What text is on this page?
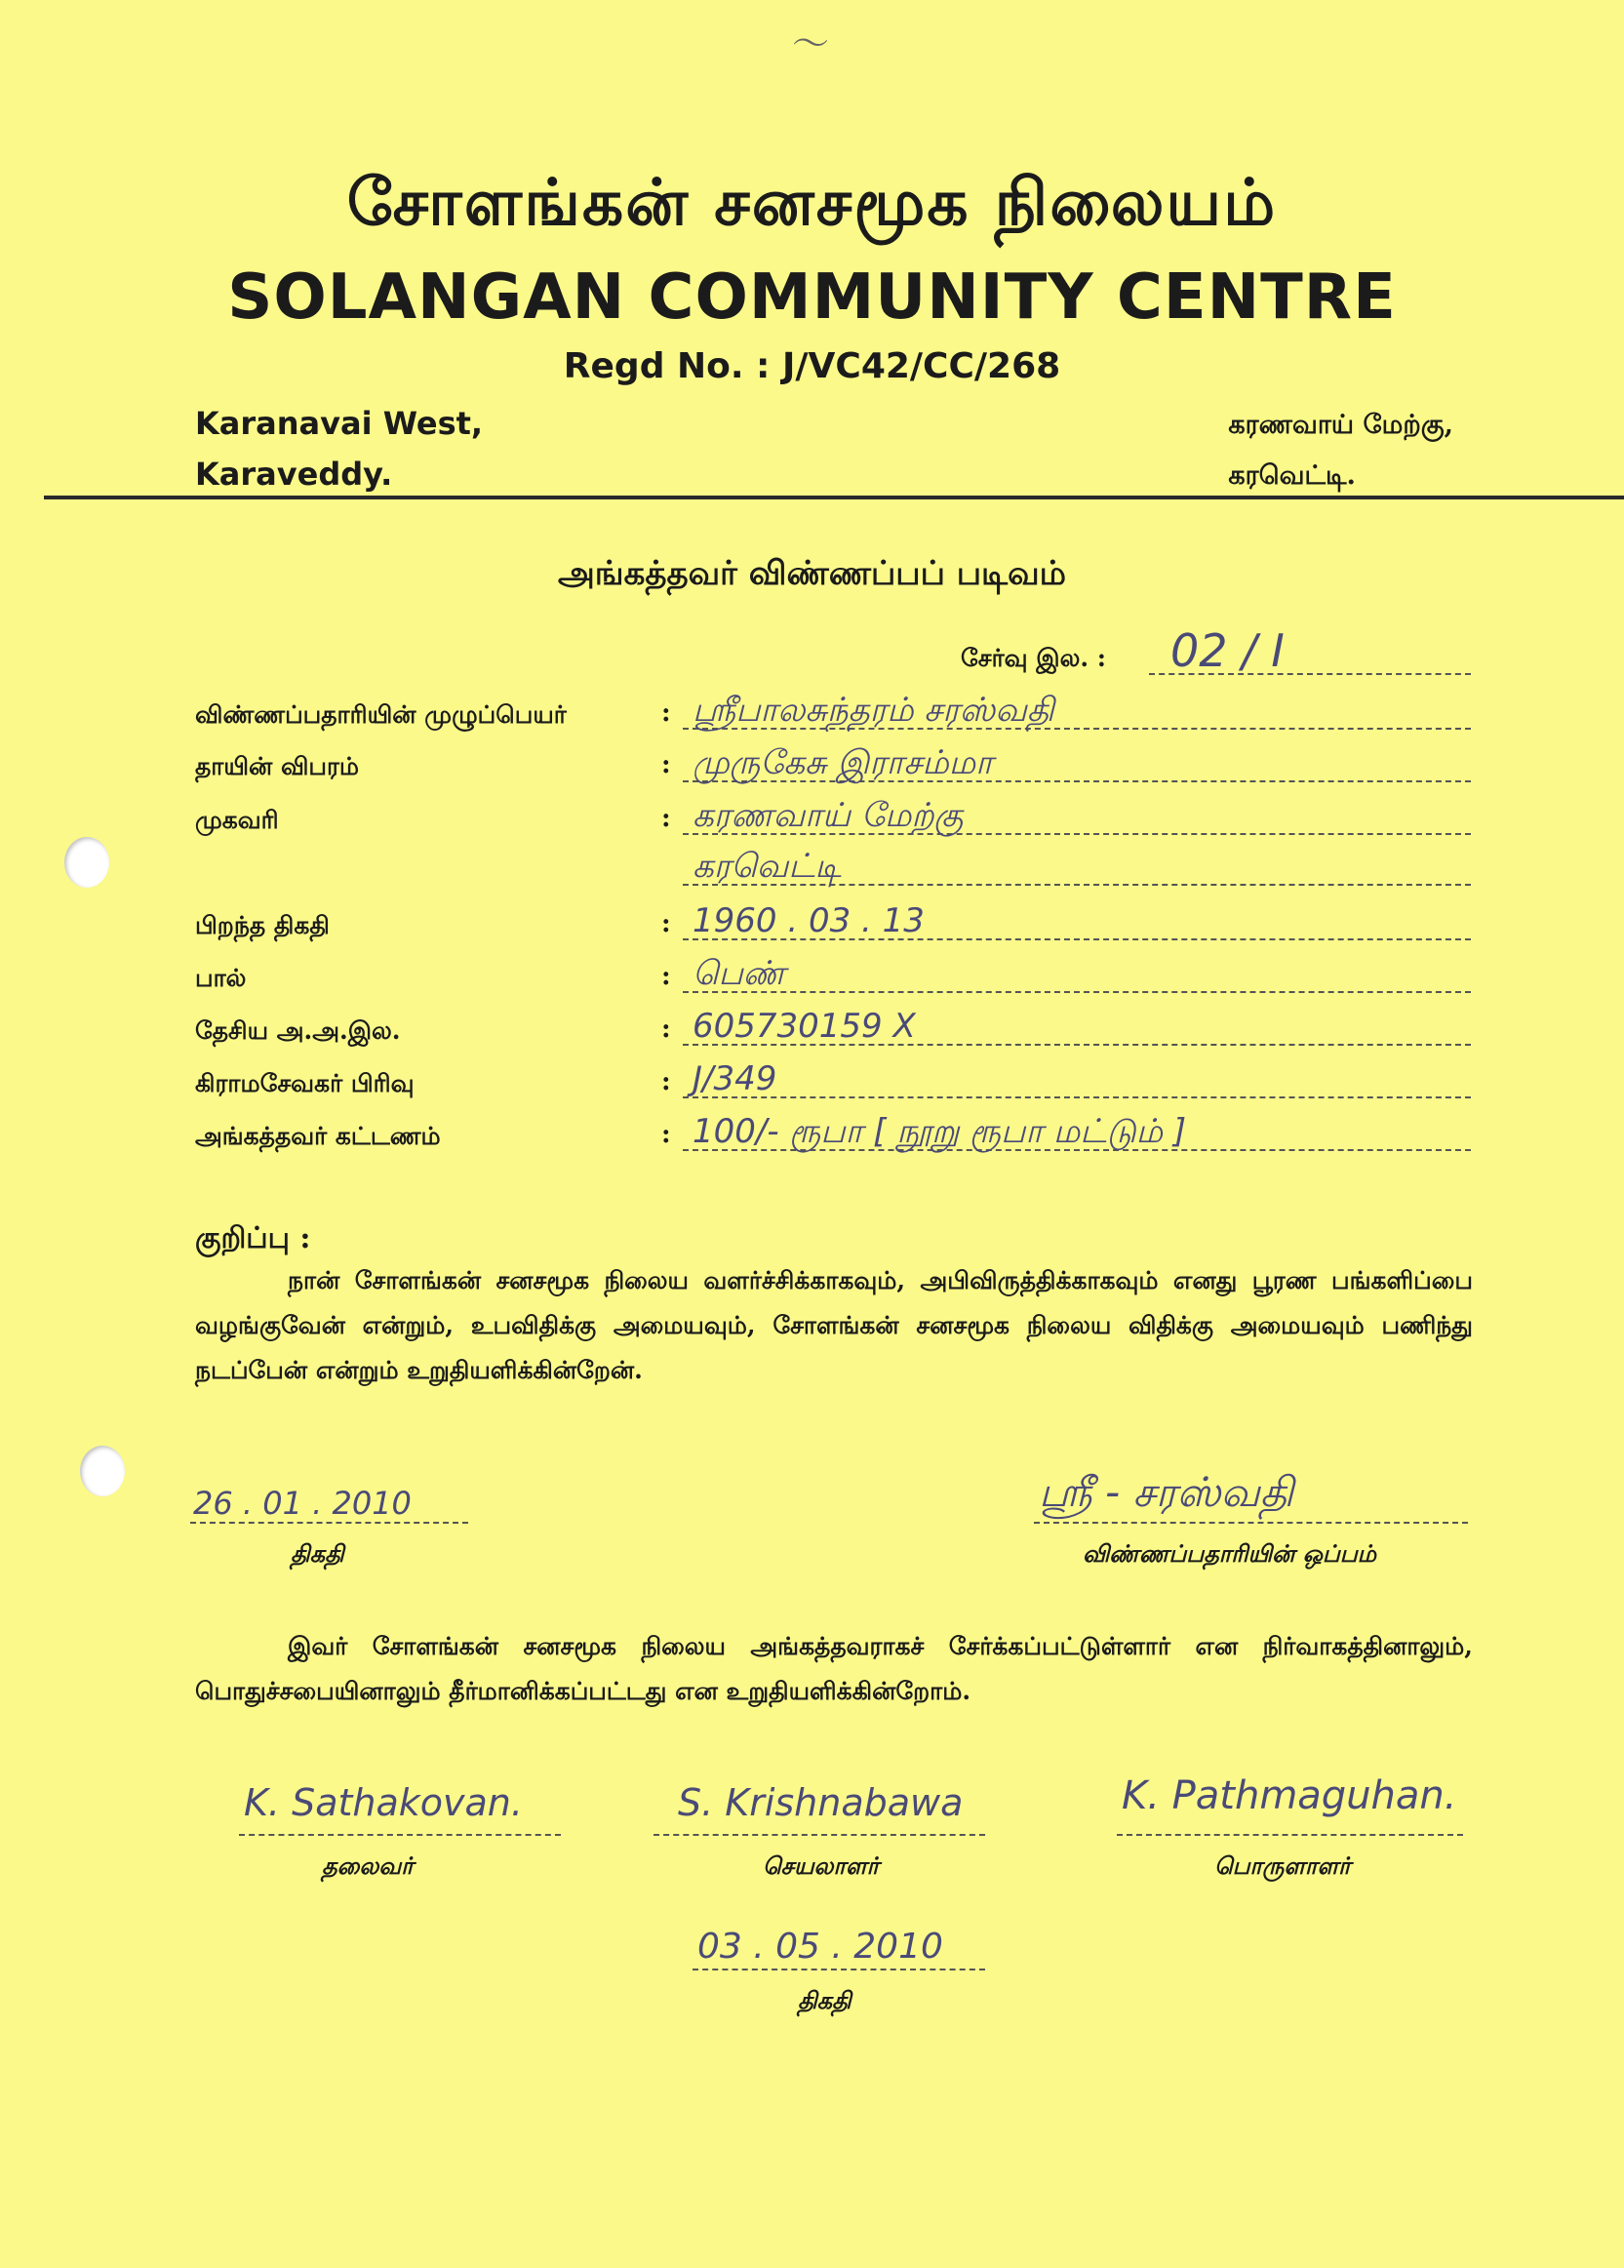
〜
சோளங்கன் சனசமூக நிலையம்
SOLANGAN COMMUNITY CENTRE
Regd No. : J/VC42/CC/268
Karanavai West,
Karaveddy.
கரணவாய் மேற்கு,
கரவெட்டி.
அங்கத்தவர் விண்ணப்பப் படிவம்
சேர்வு இல. : 02 / I
விண்ணப்பதாரியின் முழுப்பெயர்	: ஸ்ரீபாலசுந்தரம் சரஸ்வதி
தாயின் விபரம்	: முருகேசு இராசம்மா
முகவரி	: கரணவாய் மேற்கு
கரவெட்டி
பிறந்த திகதி	: 1960 . 03 . 13
பால்	: பெண்
தேசிய அ.அ.இல.	: 605730159 X
கிராமசேவகர் பிரிவு	: J/349
அங்கத்தவர் கட்டணம்	: 100/- ரூபா [ நூறு ரூபா மட்டும் ]
குறிப்பு :
நான் சோளங்கன் சனசமூக நிலைய வளர்ச்சிக்காகவும், அபிவிருத்திக்காகவும் எனது பூரண பங்களிப்பை வழங்குவேன் என்றும், உபவிதிக்கு அமையவும், சோளங்கன் சனசமூக நிலைய விதிக்கு அமையவும் பணிந்து நடப்பேன் என்றும் உறுதியளிக்கின்றேன்.
26 . 01 . 2010
திகதி
ஸ்ரீ - சரஸ்வதி
விண்ணப்பதாரியின் ஒப்பம்
இவர் சோளங்கன் சனசமூக நிலைய அங்கத்தவராகச் சேர்க்கப்பட்டுள்ளார் என நிர்வாகத்தினாலும், பொதுச்சபையினாலும் தீர்மானிக்கப்பட்டது என உறுதியளிக்கின்றோம்.
K. Sathakovan.
தலைவர்
S. Krishnabawa
செயலாளர்
K. Pathmaguhan.
பொருளாளர்
03 . 05 . 2010
திகதி
